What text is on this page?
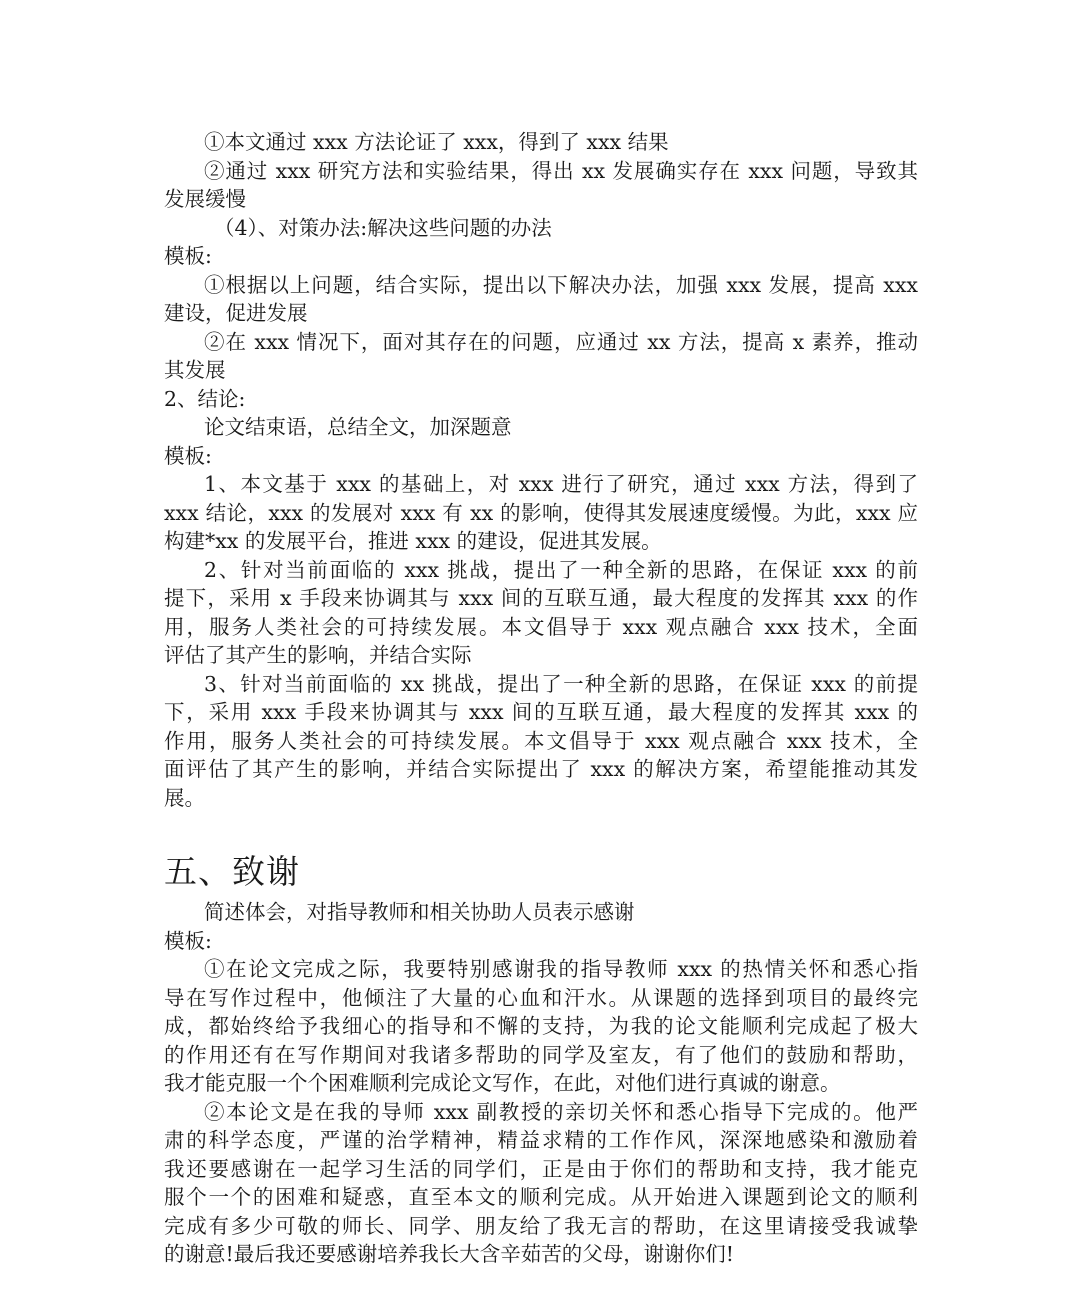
①本文通过 xxx 方法论证了 xxx，得到了 xxx 结果
②通过 xxx 研究方法和实验结果，得出 xx 发展确实存在 xxx 问题，导致其
发展缓慢
（4）、对策办法:解决这些问题的办法
模板:
①根据以上问题，结合实际，提出以下解决办法，加强 xxx 发展，提高 xxx
建设，促进发展
②在 xxx 情况下，面对其存在的问题，应通过 xx 方法，提高 x 素养，推动
其发展
2、结论:
论文结束语，总结全文，加深题意
模板:
1、本文基于 xxx 的基础上，对 xxx 进行了研究，通过 xxx 方法，得到了
xxx 结论，xxx 的发展对 xxx 有 xx 的影响，使得其发展速度缓慢。为此，xxx 应
构建*xx 的发展平台，推进 xxx 的建设，促进其发展。
2、针对当前面临的 xxx 挑战，提出了一种全新的思路，在保证 xxx 的前
提下，采用 x 手段来协调其与 xxx 间的互联互通，最大程度的发挥其 xxx 的作
用，服务人类社会的可持续发展。本文倡导于 xxx 观点融合 xxx 技术，全面
评估了其产生的影响，并结合实际
3、针对当前面临的 xx 挑战，提出了一种全新的思路，在保证 xxx 的前提
下，采用 xxx 手段来协调其与 xxx 间的互联互通，最大程度的发挥其 xxx 的
作用，服务人类社会的可持续发展。本文倡导于 xxx 观点融合 xxx 技术，全
面评估了其产生的影响，并结合实际提出了 xxx 的解决方案，希望能推动其发
展。
五、致谢
简述体会，对指导教师和相关协助人员表示感谢
模板:
①在论文完成之际，我要特别感谢我的指导教师 xxx 的热情关怀和悉心指
导在写作过程中，他倾注了大量的心血和汗水。从课题的选择到项目的最终完
成，都始终给予我细心的指导和不懈的支持，为我的论文能顺利完成起了极大
的作用还有在写作期间对我诸多帮助的同学及室友，有了他们的鼓励和帮助，
我才能克服一个个困难顺利完成论文写作，在此，对他们进行真诚的谢意。
②本论文是在我的导师 xxx 副教授的亲切关怀和悉心指导下完成的。他严
肃的科学态度，严谨的治学精神，精益求精的工作作风，深深地感染和激励着
我还要感谢在一起学习生活的同学们，正是由于你们的帮助和支持，我才能克
服个一个的困难和疑惑，直至本文的顺利完成。从开始进入课题到论文的顺利
完成有多少可敬的师长、同学、朋友给了我无言的帮助，在这里请接受我诚挚
的谢意!最后我还要感谢培养我长大含辛茹苦的父母，谢谢你们!
